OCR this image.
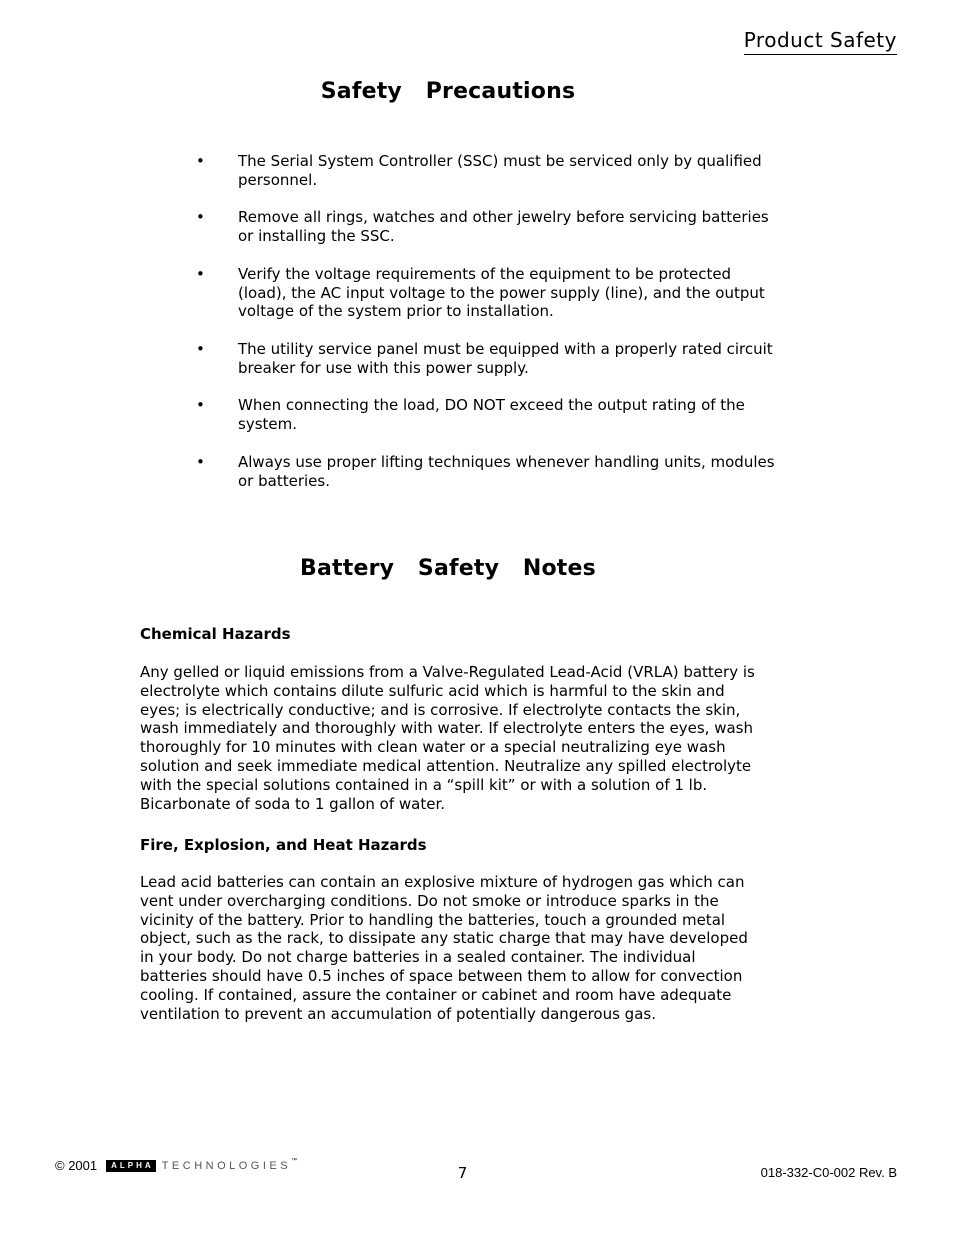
Product Safety
Safety  Precautions
• The Serial System Controller (SSC) must be serviced only by qualified personnel.
• Remove all rings, watches and other jewelry before servicing batteries or installing the SSC.
• Verify the voltage requirements of the equipment to be protected (load), the AC input voltage to the power supply (line), and the output voltage of the system prior to installation.
• The utility service panel must be equipped with a properly rated circuit breaker for use with this power supply.
• When connecting the load, DO NOT exceed the output rating of the system.
• Always use proper lifting techniques whenever handling units, modules or batteries.
Battery  Safety  Notes
Chemical Hazards

Any gelled or liquid emissions from a Valve-Regulated Lead-Acid (VRLA) battery is electrolyte which contains dilute sulfuric acid which is harmful to the skin and eyes; is electrically conductive; and is corrosive. If electrolyte contacts the skin, wash immediately and thoroughly with water. If electrolyte enters the eyes, wash thoroughly for 10 minutes with clean water or a special neutralizing eye wash solution and seek immediate medical attention. Neutralize any spilled electrolyte with the special solutions contained in a “spill kit” or with a solution of 1 lb. Bicarbonate of soda to 1 gallon of water.

Fire, Explosion, and Heat Hazards

Lead acid batteries can contain an explosive mixture of hydrogen gas which can vent under overcharging conditions. Do not smoke or introduce sparks in the vicinity of the battery. Prior to handling the batteries, touch a grounded metal object, such as the rack, to dissipate any static charge that may have developed in your body. Do not charge batteries in a sealed container. The individual batteries should have 0.5 inches of space between them to allow for convection cooling. If contained, assure the container or cabinet and room have adequate ventilation to prevent an accumulation of potentially dangerous gas.

© 2001	ALPHA TECHNOLOGIES ™
7	018-332-C0-002 Rev. B
